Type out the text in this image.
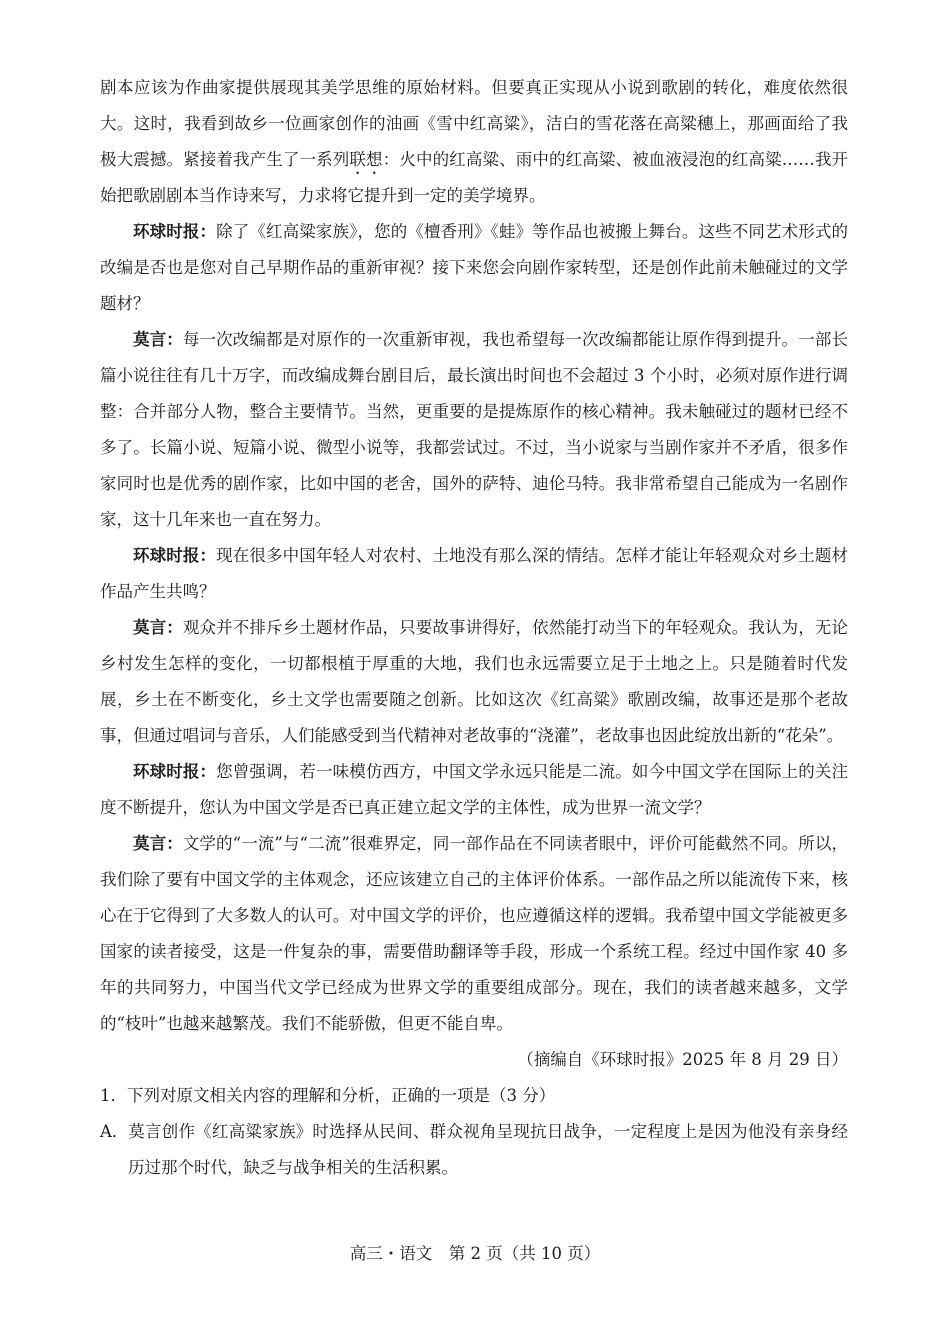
剧本应该为作曲家提供展现其美学思维的原始材料。但要真正实现从小说到歌剧的转化，难度依然很大。这时，我看到故乡一位画家创作的油画《雪中红高粱》，洁白的雪花落在高粱穗上，那画面给了我极大震撼。紧接着我产生了一系列联想：火中的红高粱、雨中的红高粱、被血液浸泡的红高粱……我开始把歌剧剧本当作诗来写，力求将它提升到一定的美学境界。

环球时报：除了《红高粱家族》，您的《檀香刑》《蛙》等作品也被搬上舞台。这些不同艺术形式的改编是否也是您对自己早期作品的重新审视？接下来您会向剧作家转型，还是创作此前未触碰过的文学题材？

莫言：每一次改编都是对原作的一次重新审视，我也希望每一次改编都能让原作得到提升。一部长篇小说往往有几十万字，而改编成舞台剧目后，最长演出时间也不会超过 3 个小时，必须对原作进行调整：合并部分人物，整合主要情节。当然，更重要的是提炼原作的核心精神。我未触碰过的题材已经不多了。长篇小说、短篇小说、微型小说等，我都尝试过。不过，当小说家与当剧作家并不矛盾，很多作家同时也是优秀的剧作家，比如中国的老舍，国外的萨特、迪伦马特。我非常希望自己能成为一名剧作家，这十几年来也一直在努力。

环球时报：现在很多中国年轻人对农村、土地没有那么深的情结。怎样才能让年轻观众对乡土题材作品产生共鸣？

莫言：观众并不排斥乡土题材作品，只要故事讲得好，依然能打动当下的年轻观众。我认为，无论乡村发生怎样的变化，一切都根植于厚重的大地，我们也永远需要立足于土地之上。只是随着时代发展，乡土在不断变化，乡土文学也需要随之创新。比如这次《红高粱》歌剧改编，故事还是那个老故事，但通过唱词与音乐，人们能感受到当代精神对老故事的“浇灌”，老故事也因此绽放出新的“花朵”。

环球时报：您曾强调，若一味模仿西方，中国文学永远只能是二流。如今中国文学在国际上的关注度不断提升，您认为中国文学是否已真正建立起文学的主体性，成为世界一流文学？

莫言：文学的“一流”与“二流”很难界定，同一部作品在不同读者眼中，评价可能截然不同。所以，我们除了要有中国文学的主体观念，还应该建立自己的主体评价体系。一部作品之所以能流传下来，核心在于它得到了大多数人的认可。对中国文学的评价，也应遵循这样的逻辑。我希望中国文学能被更多国家的读者接受，这是一件复杂的事，需要借助翻译等手段，形成一个系统工程。经过中国作家 40 多年的共同努力，中国当代文学已经成为世界文学的重要组成部分。现在，我们的读者越来越多，文学的“枝叶”也越来越繁茂。我们不能骄傲，但更不能自卑。

（摘编自《环球时报》2025 年 8 月 29 日）

1．下列对原文相关内容的理解和分析，正确的一项是（3 分）

A．莫言创作《红高粱家族》时选择从民间、群众视角呈现抗日战争，一定程度上是因为他没有亲身经历过那个时代，缺乏与战争相关的生活积累。

高三・语文　第 2 页（共 10 页）
